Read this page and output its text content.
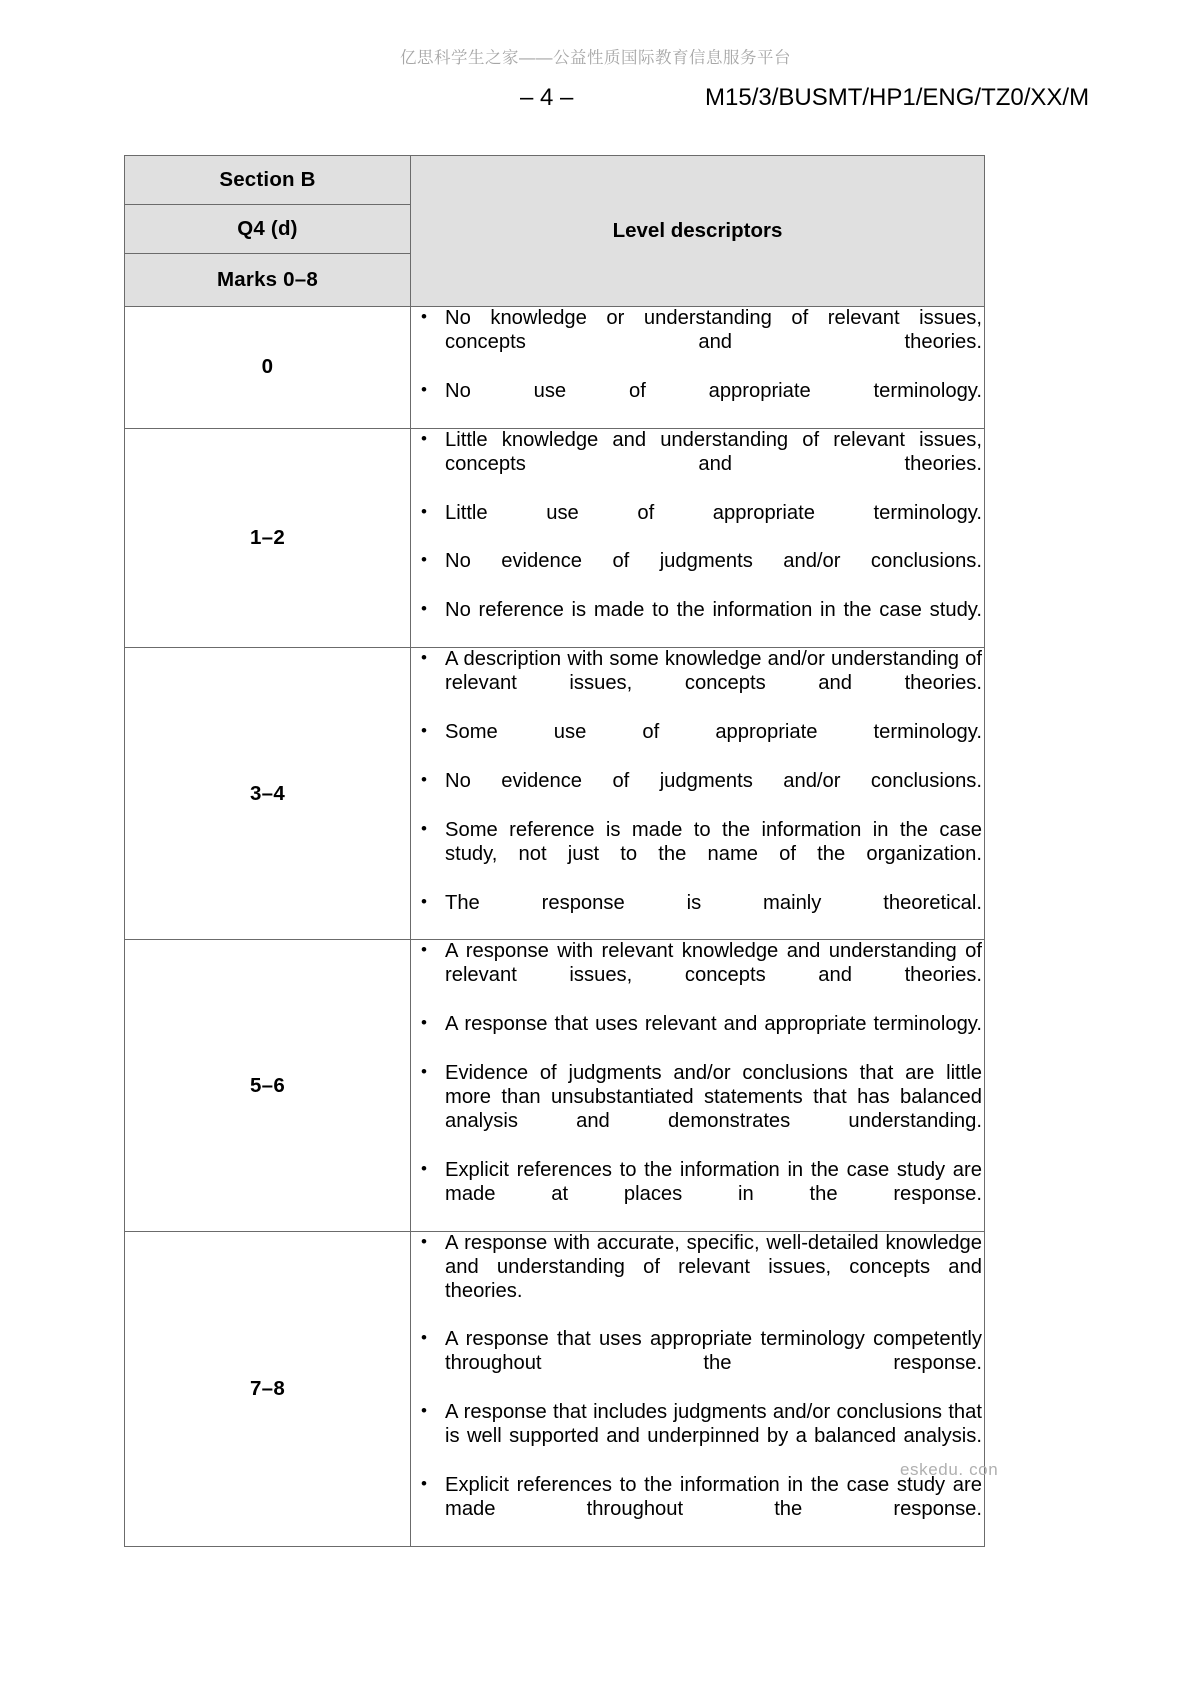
亿思科学生之家——公益性质国际教育信息服务平台
– 4 –	M15/3/BUSMT/HP1/ENG/TZ0/XX/M
Section B	Level descriptors
Q4 (d)	
Marks 0–8	
0	
• No knowledge or understanding of relevant issues, concepts and theories.
• No use of appropriate terminology.

1–2	
• Little knowledge and understanding of relevant issues, concepts and theories.
• Little use of appropriate terminology.
• No evidence of judgments and/or conclusions.
• No reference is made to the information in the case study.

3–4	
• A description with some knowledge and/or understanding of relevant issues, concepts and theories.
• Some use of appropriate terminology.
• No evidence of judgments and/or conclusions.
• Some reference is made to the information in the case study, not just to the name of the organization.
• The response is mainly theoretical.

5–6	
• A response with relevant knowledge and understanding of relevant issues, concepts and theories.
• A response that uses relevant and appropriate terminology.
• Evidence of judgments and/or conclusions that are little more than unsubstantiated statements that has balanced analysis and demonstrates understanding.
• Explicit references to the information in the case study are made at places in the response.

7–8	
• A response with accurate, specific, well-detailed knowledge and understanding of relevant issues, concepts and theories.
• A response that uses appropriate terminology competently throughout the response.
• A response that includes judgments and/or conclusions that is well supported and underpinned by a balanced analysis.
• Explicit references to the information in the case study are made throughout the response.
eskedu. con
